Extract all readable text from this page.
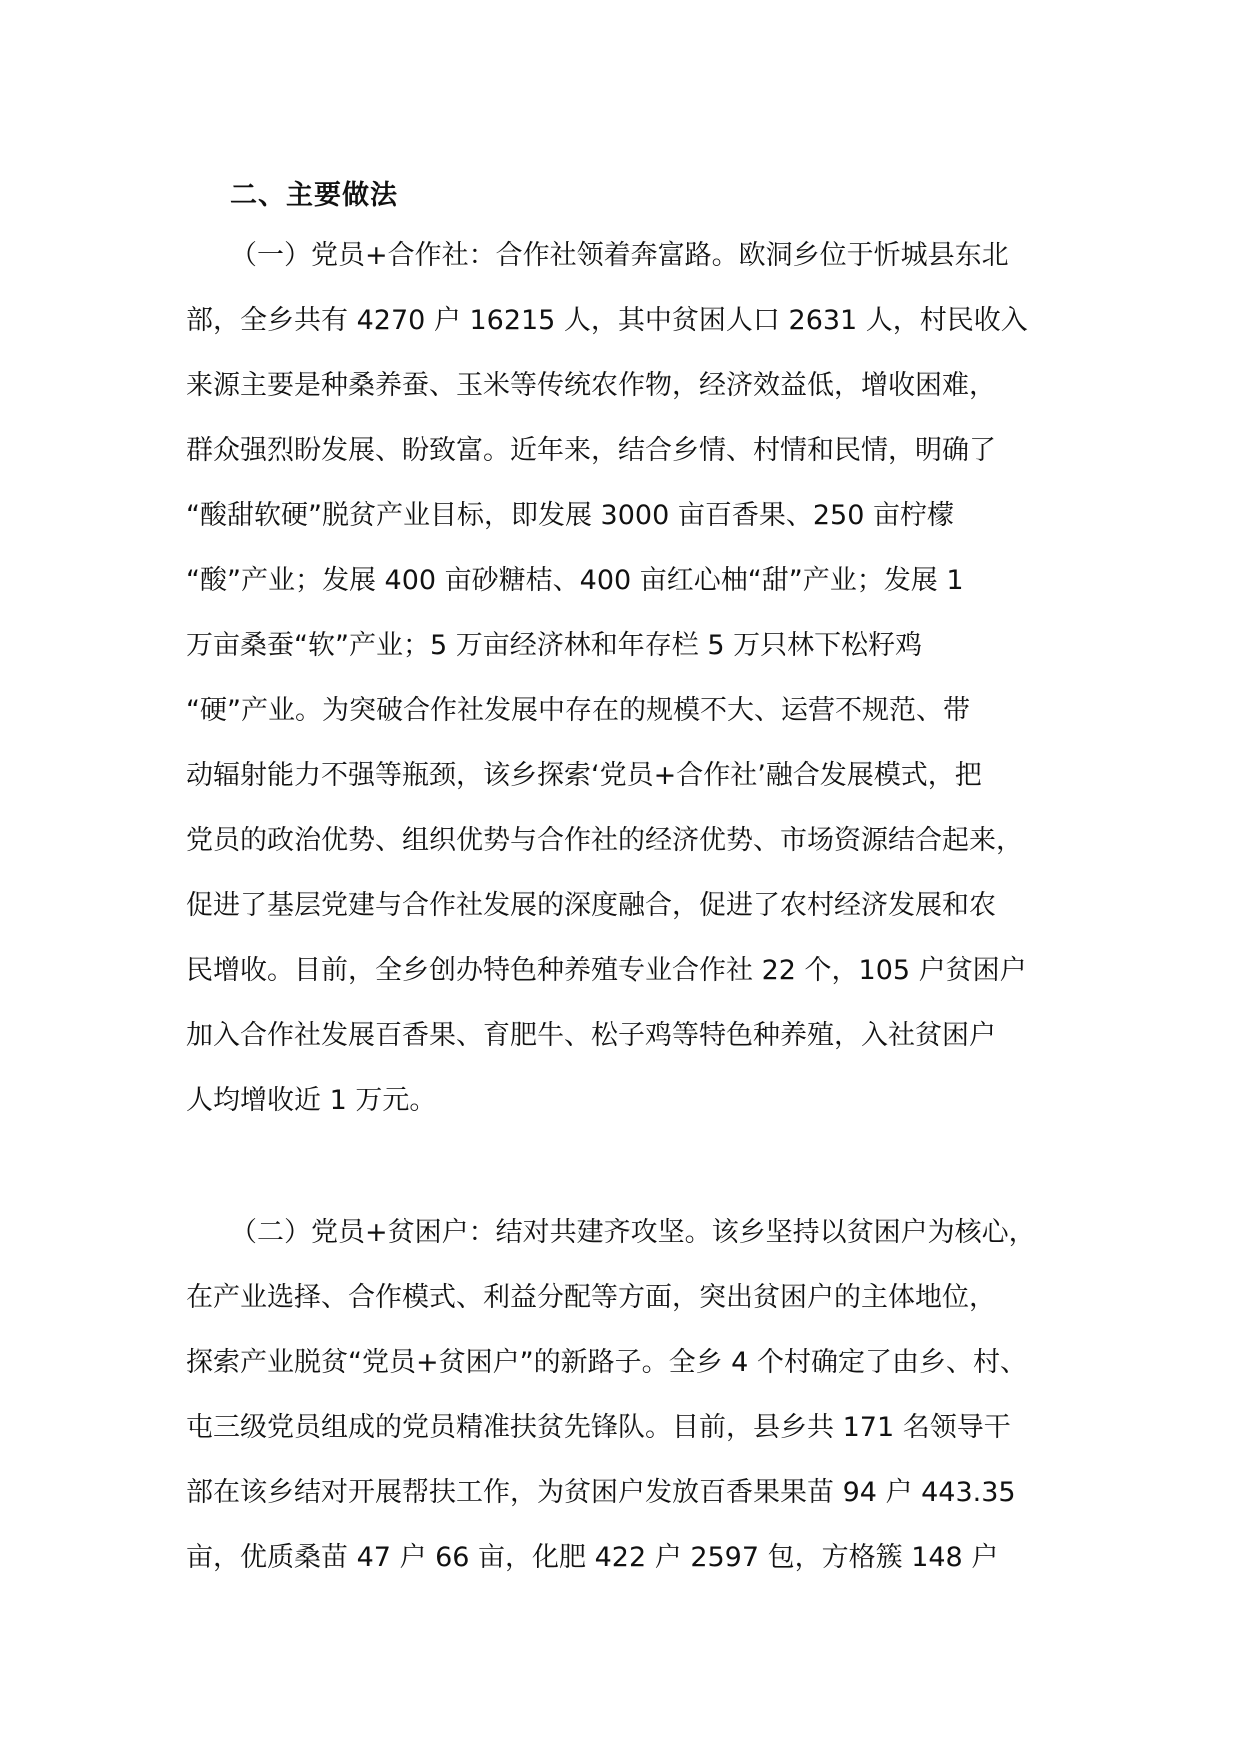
二、主要做法
（一）党员+合作社：合作社领着奔富路。欧洞乡位于忻城县东北
部，全乡共有 4270 户 16215 人，其中贫困人口 2631 人，村民收入
来源主要是种桑养蚕、玉米等传统农作物，经济效益低，增收困难，
群众强烈盼发展、盼致富。近年来，结合乡情、村情和民情，明确了
“酸甜软硬”脱贫产业目标，即发展 3000 亩百香果、250 亩柠檬
“酸”产业；发展 400 亩砂糖桔、400 亩红心柚“甜”产业；发展 1
万亩桑蚕“软”产业；5 万亩经济林和年存栏 5 万只林下松籽鸡
“硬”产业。为突破合作社发展中存在的规模不大、运营不规范、带
动辐射能力不强等瓶颈，该乡探索‘党员+合作社’融合发展模式，把
党员的政治优势、组织优势与合作社的经济优势、市场资源结合起来，
促进了基层党建与合作社发展的深度融合，促进了农村经济发展和农
民增收。目前，全乡创办特色种养殖专业合作社 22 个，105 户贫困户
加入合作社发展百香果、育肥牛、松子鸡等特色种养殖，入社贫困户
人均增收近 1 万元。
（二）党员+贫困户：结对共建齐攻坚。该乡坚持以贫困户为核心，
在产业选择、合作模式、利益分配等方面，突出贫困户的主体地位，
探索产业脱贫“党员+贫困户”的新路子。全乡 4 个村确定了由乡、村、
屯三级党员组成的党员精准扶贫先锋队。目前，县乡共 171 名领导干
部在该乡结对开展帮扶工作，为贫困户发放百香果果苗 94 户 443.35
亩，优质桑苗 47 户 66 亩，化肥 422 户 2597 包，方格簇 148 户
